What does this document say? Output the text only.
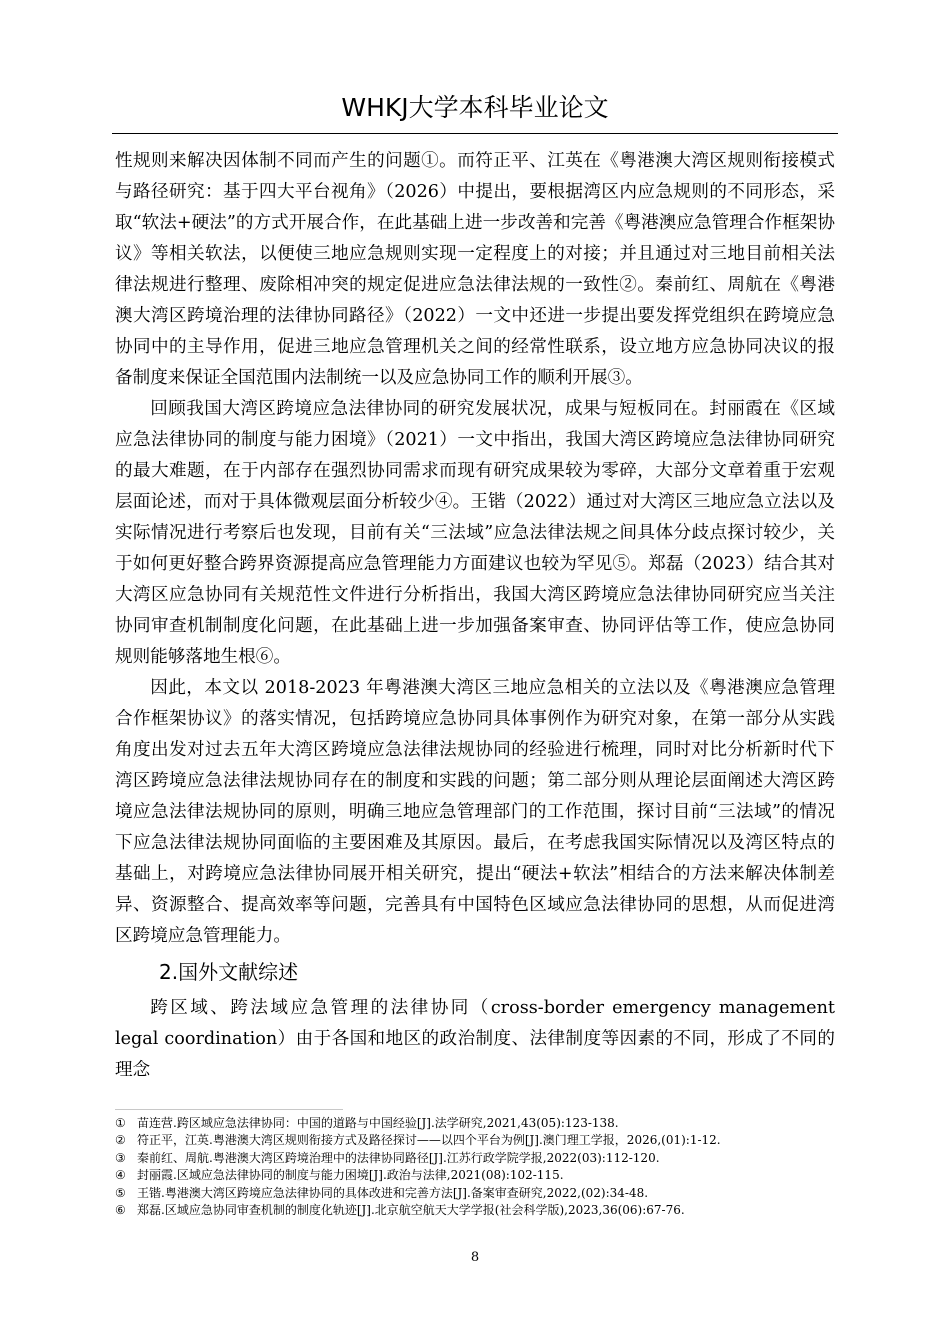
WHKJ大学本科毕业论文

性规则来解决因体制不同而产生的问题①。而符正平、江英在《粤港澳大湾区规则衔接模式与路径研究：基于四大平台视角》（2026）中提出，要根据湾区内应急规则的不同形态，采取“软法+硬法”的方式开展合作，在此基础上进一步改善和完善《粤港澳应急管理合作框架协议》等相关软法，以便使三地应急规则实现一定程度上的对接；并且通过对三地目前相关法律法规进行整理、废除相冲突的规定促进应急法律法规的一致性②。秦前红、周航在《粤港澳大湾区跨境治理的法律协同路径》（2022）一文中还进一步提出要发挥党组织在跨境应急协同中的主导作用，促进三地应急管理机关之间的经常性联系，设立地方应急协同决议的报备制度来保证全国范围内法制统一以及应急协同工作的顺利开展③。

回顾我国大湾区跨境应急法律协同的研究发展状况，成果与短板同在。封丽霞在《区域应急法律协同的制度与能力困境》（2021）一文中指出，我国大湾区跨境应急法律协同研究的最大难题，在于内部存在强烈协同需求而现有研究成果较为零碎，大部分文章着重于宏观层面论述，而对于具体微观层面分析较少④。王锴（2022）通过对大湾区三地应急立法以及实际情况进行考察后也发现，目前有关“三法域”应急法律法规之间具体分歧点探讨较少，关于如何更好整合跨界资源提高应急管理能力方面建议也较为罕见⑤。郑磊（2023）结合其对大湾区应急协同有关规范性文件进行分析指出，我国大湾区跨境应急法律协同研究应当关注协同审查机制制度化问题，在此基础上进一步加强备案审查、协同评估等工作，使应急协同规则能够落地生根⑥。

因此，本文以 2018-2023 年粤港澳大湾区三地应急相关的立法以及《粤港澳应急管理合作框架协议》的落实情况，包括跨境应急协同具体事例作为研究对象，在第一部分从实践角度出发对过去五年大湾区跨境应急法律法规协同的经验进行梳理，同时对比分析新时代下湾区跨境应急法律法规协同存在的制度和实践的问题；第二部分则从理论层面阐述大湾区跨境应急法律法规协同的原则，明确三地应急管理部门的工作范围，探讨目前“三法域”的情况下应急法律法规协同面临的主要困难及其原因。最后，在考虑我国实际情况以及湾区特点的基础上，对跨境应急法律协同展开相关研究，提出“硬法+软法”相结合的方法来解决体制差异、资源整合、提高效率等问题，完善具有中国特色区域应急法律协同的思想，从而促进湾区跨境应急管理能力。

2.国外文献综述

跨区域、跨法域应急管理的法律协同（cross-border emergency management legal coordination）由于各国和地区的政治制度、法律制度等因素的不同，形成了不同的理念

① 苗连营.跨区域应急法律协同：中国的道路与中国经验[J].法学研究,2021,43(05):123-138.
② 符正平，江英.粤港澳大湾区规则衔接方式及路径探讨——以四个平台为例[J].澳门理工学报，2026,(01):1-12.
③ 秦前红、周航.粤港澳大湾区跨境治理中的法律协同路径[J].江苏行政学院学报,2022(03):112-120.
④ 封丽霞.区域应急法律协同的制度与能力困境[J].政治与法律,2021(08):102-115.
⑤ 王锴.粤港澳大湾区跨境应急法律协同的具体改进和完善方法[J].备案审查研究,2022,(02):34-48.
⑥ 郑磊.区域应急协同审查机制的制度化轨迹[J].北京航空航天大学学报(社会科学版),2023,36(06):67-76.
8
